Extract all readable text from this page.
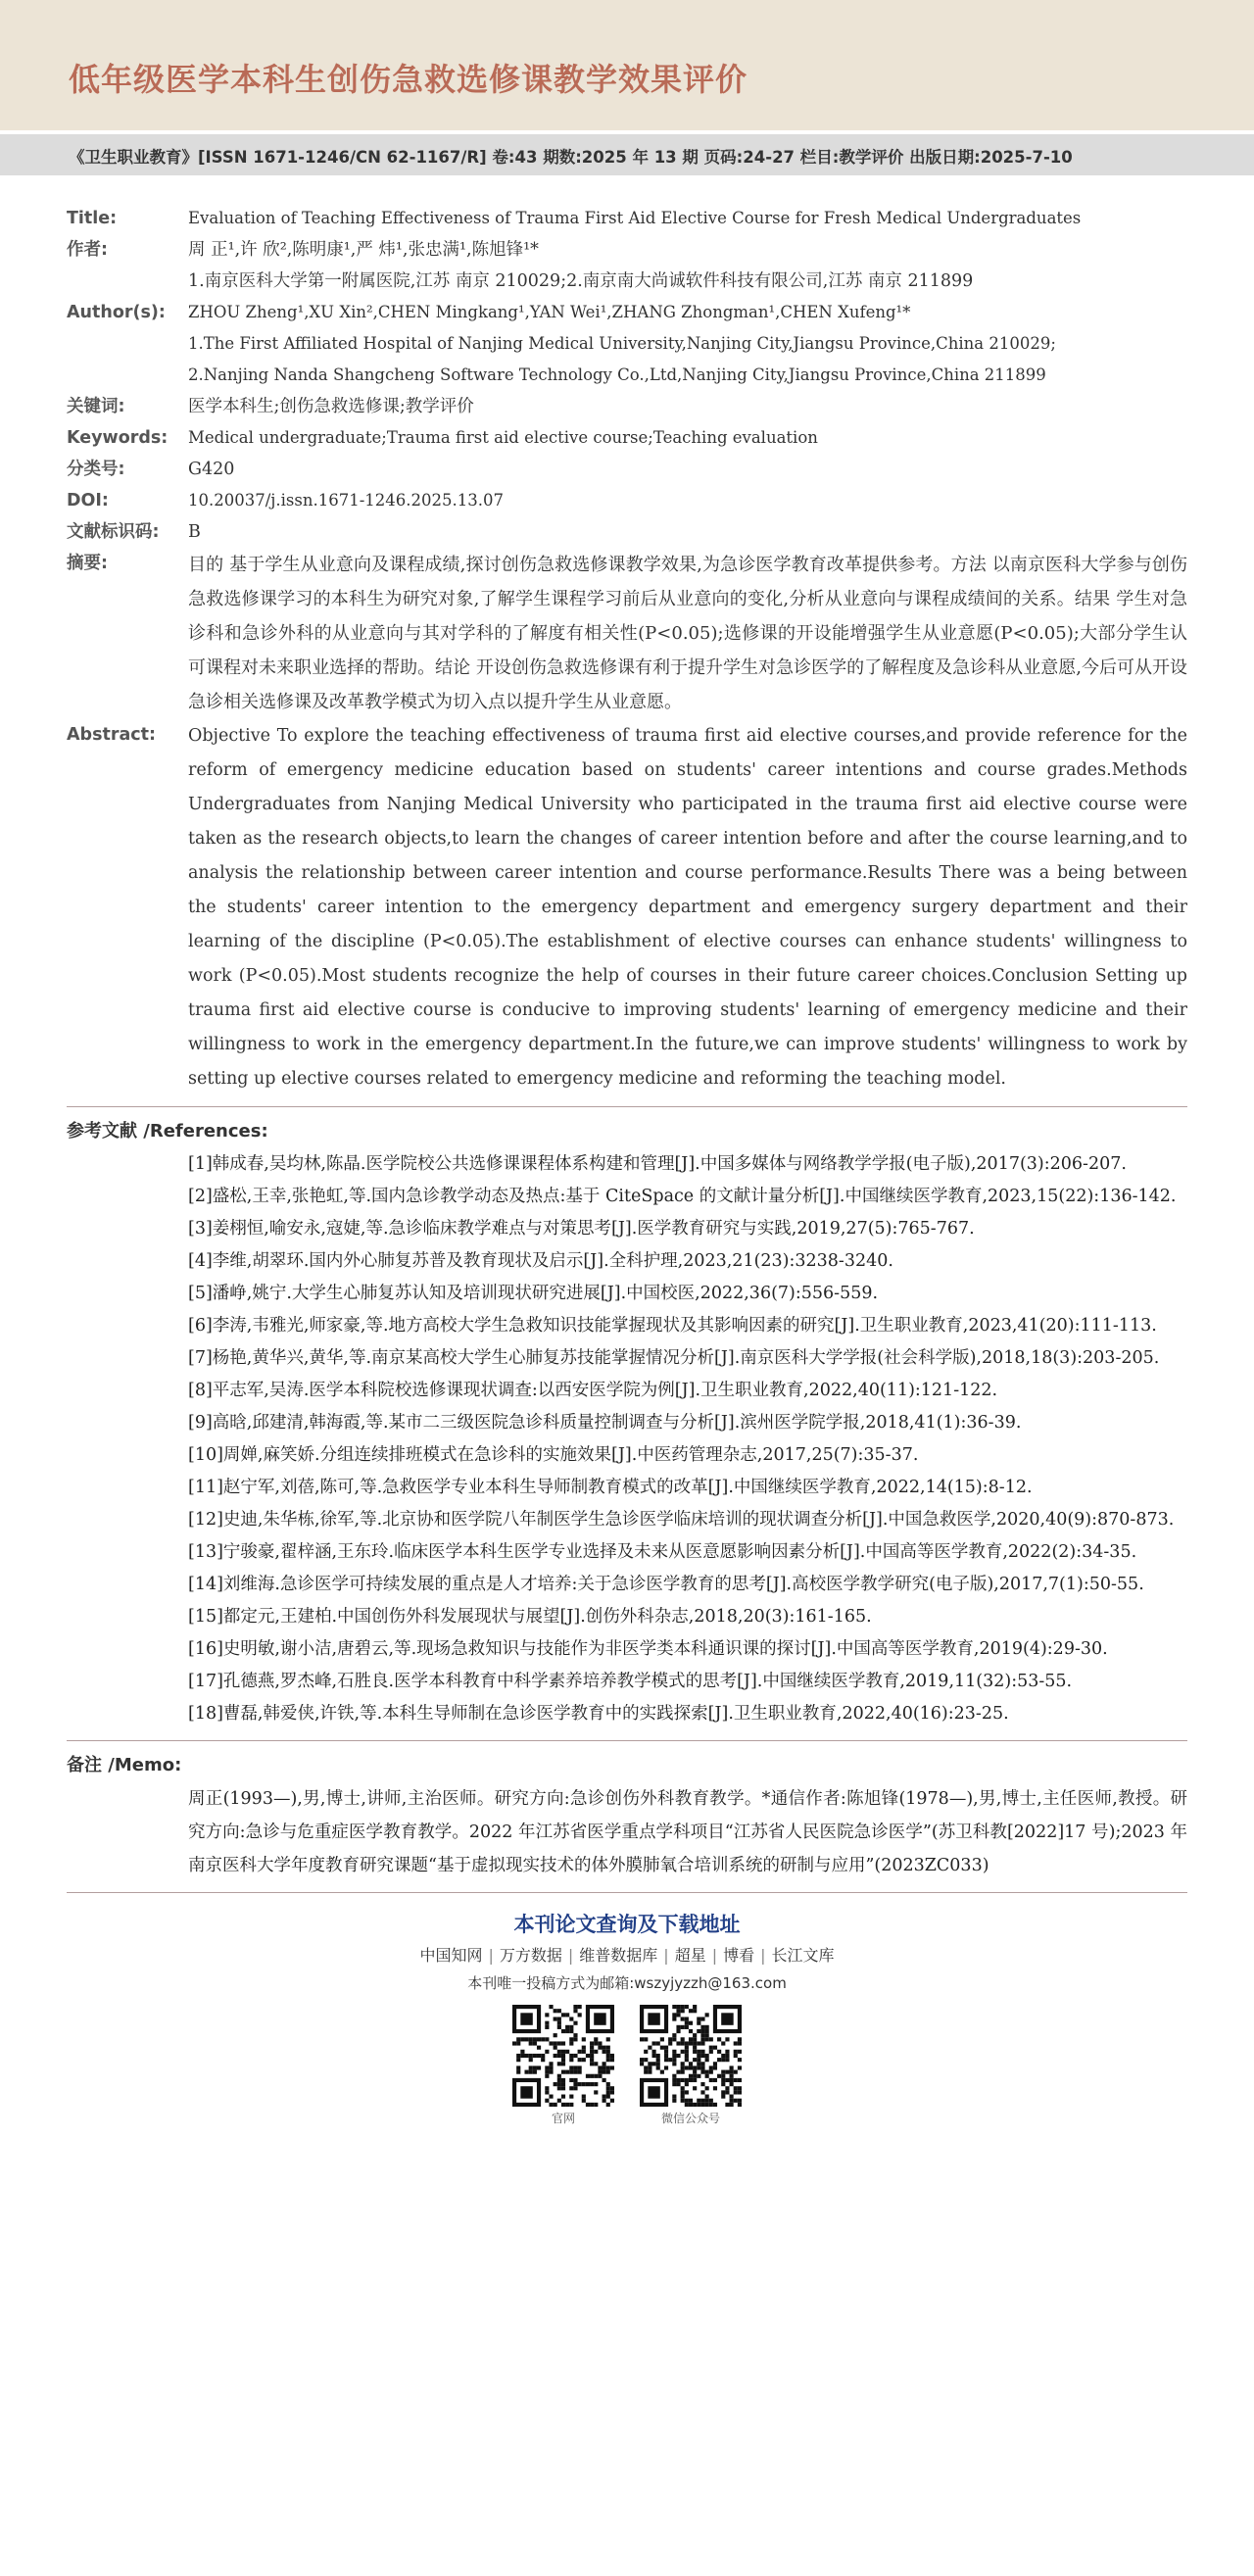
低年级医学本科生创伤急救选修课教学效果评价
《卫生职业教育》[ISSN 1671-1246/CN 62-1167/R] 卷:43 期数:2025 年 13 期 页码:24-27 栏目:教学评价 出版日期:2025-7-10
Title:	Evaluation of Teaching Effectiveness of Trauma First Aid Elective Course for Fresh Medical Undergraduates
作者:	周 正¹,许 欣²,陈明康¹,严 炜¹,张忠满¹,陈旭锋¹*
1.南京医科大学第一附属医院,江苏 南京 210029;2.南京南大尚诚软件科技有限公司,江苏 南京 211899
Author(s):	ZHOU Zheng¹,XU Xin²,CHEN Mingkang¹,YAN Wei¹,ZHANG Zhongman¹,CHEN Xufeng¹*
1.The First Affiliated Hospital of Nanjing Medical University,Nanjing City,Jiangsu Province,China 210029;
2.Nanjing Nanda Shangcheng Software Technology Co.,Ltd,Nanjing City,Jiangsu Province,China 211899
关键词:	医学本科生;创伤急救选修课;教学评价
Keywords:	Medical undergraduate;Trauma first aid elective course;Teaching evaluation
分类号:	G420
DOI:	10.20037/j.issn.1671-1246.2025.13.07
文献标识码:	B
摘要:	目的 基于学生从业意向及课程成绩,探讨创伤急救选修课教学效果,为急诊医学教育改革提供参考。方法 以南京医科大学参与创伤急救选修课学习的本科生为研究对象,了解学生课程学习前后从业意向的变化,分析从业意向与课程成绩间的关系。结果 学生对急诊科和急诊外科的从业意向与其对学科的了解度有相关性(P<0.05);选修课的开设能增强学生从业意愿(P<0.05);大部分学生认可课程对未来职业选择的帮助。结论 开设创伤急救选修课有利于提升学生对急诊医学的了解程度及急诊科从业意愿,今后可从开设急诊相关选修课及改革教学模式为切入点以提升学生从业意愿。
Abstract:	Objective To explore the teaching effectiveness of trauma first aid elective courses,and provide reference for the reform of emergency medicine education based on students' career intentions and course grades.Methods Undergraduates from Nanjing Medical University who participated in the trauma first aid elective course were taken as the research objects,to learn the changes of career intention before and after the course learning,and to analysis the relationship between career intention and course performance.Results There was a being between the students' career intention to the emergency department and emergency surgery department and their learning of the discipline (P<0.05).The establishment of elective courses can enhance students' willingness to work (P<0.05).Most students recognize the help of courses in their future career choices.Conclusion Setting up trauma first aid elective course is conducive to improving students' learning of emergency medicine and their willingness to work in the emergency department.In the future,we can improve students' willingness to work by setting up elective courses related to emergency medicine and reforming the teaching model.
参考文献 /References:
[1]韩成春,吴均林,陈晶.医学院校公共选修课课程体系构建和管理[J].中国多媒体与网络教学学报(电子版),2017(3):206-207.
[2]盛松,王幸,张艳虹,等.国内急诊教学动态及热点:基于 CiteSpace 的文献计量分析[J].中国继续医学教育,2023,15(22):136-142.
[3]姜栩恒,喻安永,寇婕,等.急诊临床教学难点与对策思考[J].医学教育研究与实践,2019,27(5):765-767.
[4]李维,胡翠环.国内外心肺复苏普及教育现状及启示[J].全科护理,2023,21(23):3238-3240.
[5]潘峥,姚宁.大学生心肺复苏认知及培训现状研究进展[J].中国校医,2022,36(7):556-559.
[6]李涛,韦雅光,师家豪,等.地方高校大学生急救知识技能掌握现状及其影响因素的研究[J].卫生职业教育,2023,41(20):111-113.
[7]杨艳,黄华兴,黄华,等.南京某高校大学生心肺复苏技能掌握情况分析[J].南京医科大学学报(社会科学版),2018,18(3):203-205.
[8]平志军,吴涛.医学本科院校选修课现状调查:以西安医学院为例[J].卫生职业教育,2022,40(11):121-122.
[9]高晗,邱建清,韩海霞,等.某市二三级医院急诊科质量控制调查与分析[J].滨州医学院学报,2018,41(1):36-39.
[10]周婵,麻笑娇.分组连续排班模式在急诊科的实施效果[J].中医药管理杂志,2017,25(7):35-37.
[11]赵宁军,刘蓓,陈可,等.急救医学专业本科生导师制教育模式的改革[J].中国继续医学教育,2022,14(15):8-12.
[12]史迪,朱华栋,徐军,等.北京协和医学院八年制医学生急诊医学临床培训的现状调查分析[J].中国急救医学,2020,40(9):870-873.
[13]宁骏豪,翟梓涵,王东玲.临床医学本科生医学专业选择及未来从医意愿影响因素分析[J].中国高等医学教育,2022(2):34-35.
[14]刘维海.急诊医学可持续发展的重点是人才培养:关于急诊医学教育的思考[J].高校医学教学研究(电子版),2017,7(1):50-55.
[15]都定元,王建柏.中国创伤外科发展现状与展望[J].创伤外科杂志,2018,20(3):161-165.
[16]史明敏,谢小洁,唐碧云,等.现场急救知识与技能作为非医学类本科通识课的探讨[J].中国高等医学教育,2019(4):29-30.
[17]孔德燕,罗杰峰,石胜良.医学本科教育中科学素养培养教学模式的思考[J].中国继续医学教育,2019,11(32):53-55.
[18]曹磊,韩爱侠,许铁,等.本科生导师制在急诊医学教育中的实践探索[J].卫生职业教育,2022,40(16):23-25.
备注 /Memo:
周正(1993—),男,博士,讲师,主治医师。研究方向:急诊创伤外科教育教学。*通信作者:陈旭锋(1978—),男,博士,主任医师,教授。研究方向:急诊与危重症医学教育教学。2022 年江苏省医学重点学科项目“江苏省人民医院急诊医学”(苏卫科教[2022]17 号);2023 年南京医科大学年度教育研究课题“基于虚拟现实技术的体外膜肺氧合培训系统的研制与应用”(2023ZC033)
本刊论文查询及下载地址
中国知网 | 万方数据 | 维普数据库 | 超星 | 博看 | 长江文库
本刊唯一投稿方式为邮箱:wszyjyzzh@163.com
官网	微信公众号
